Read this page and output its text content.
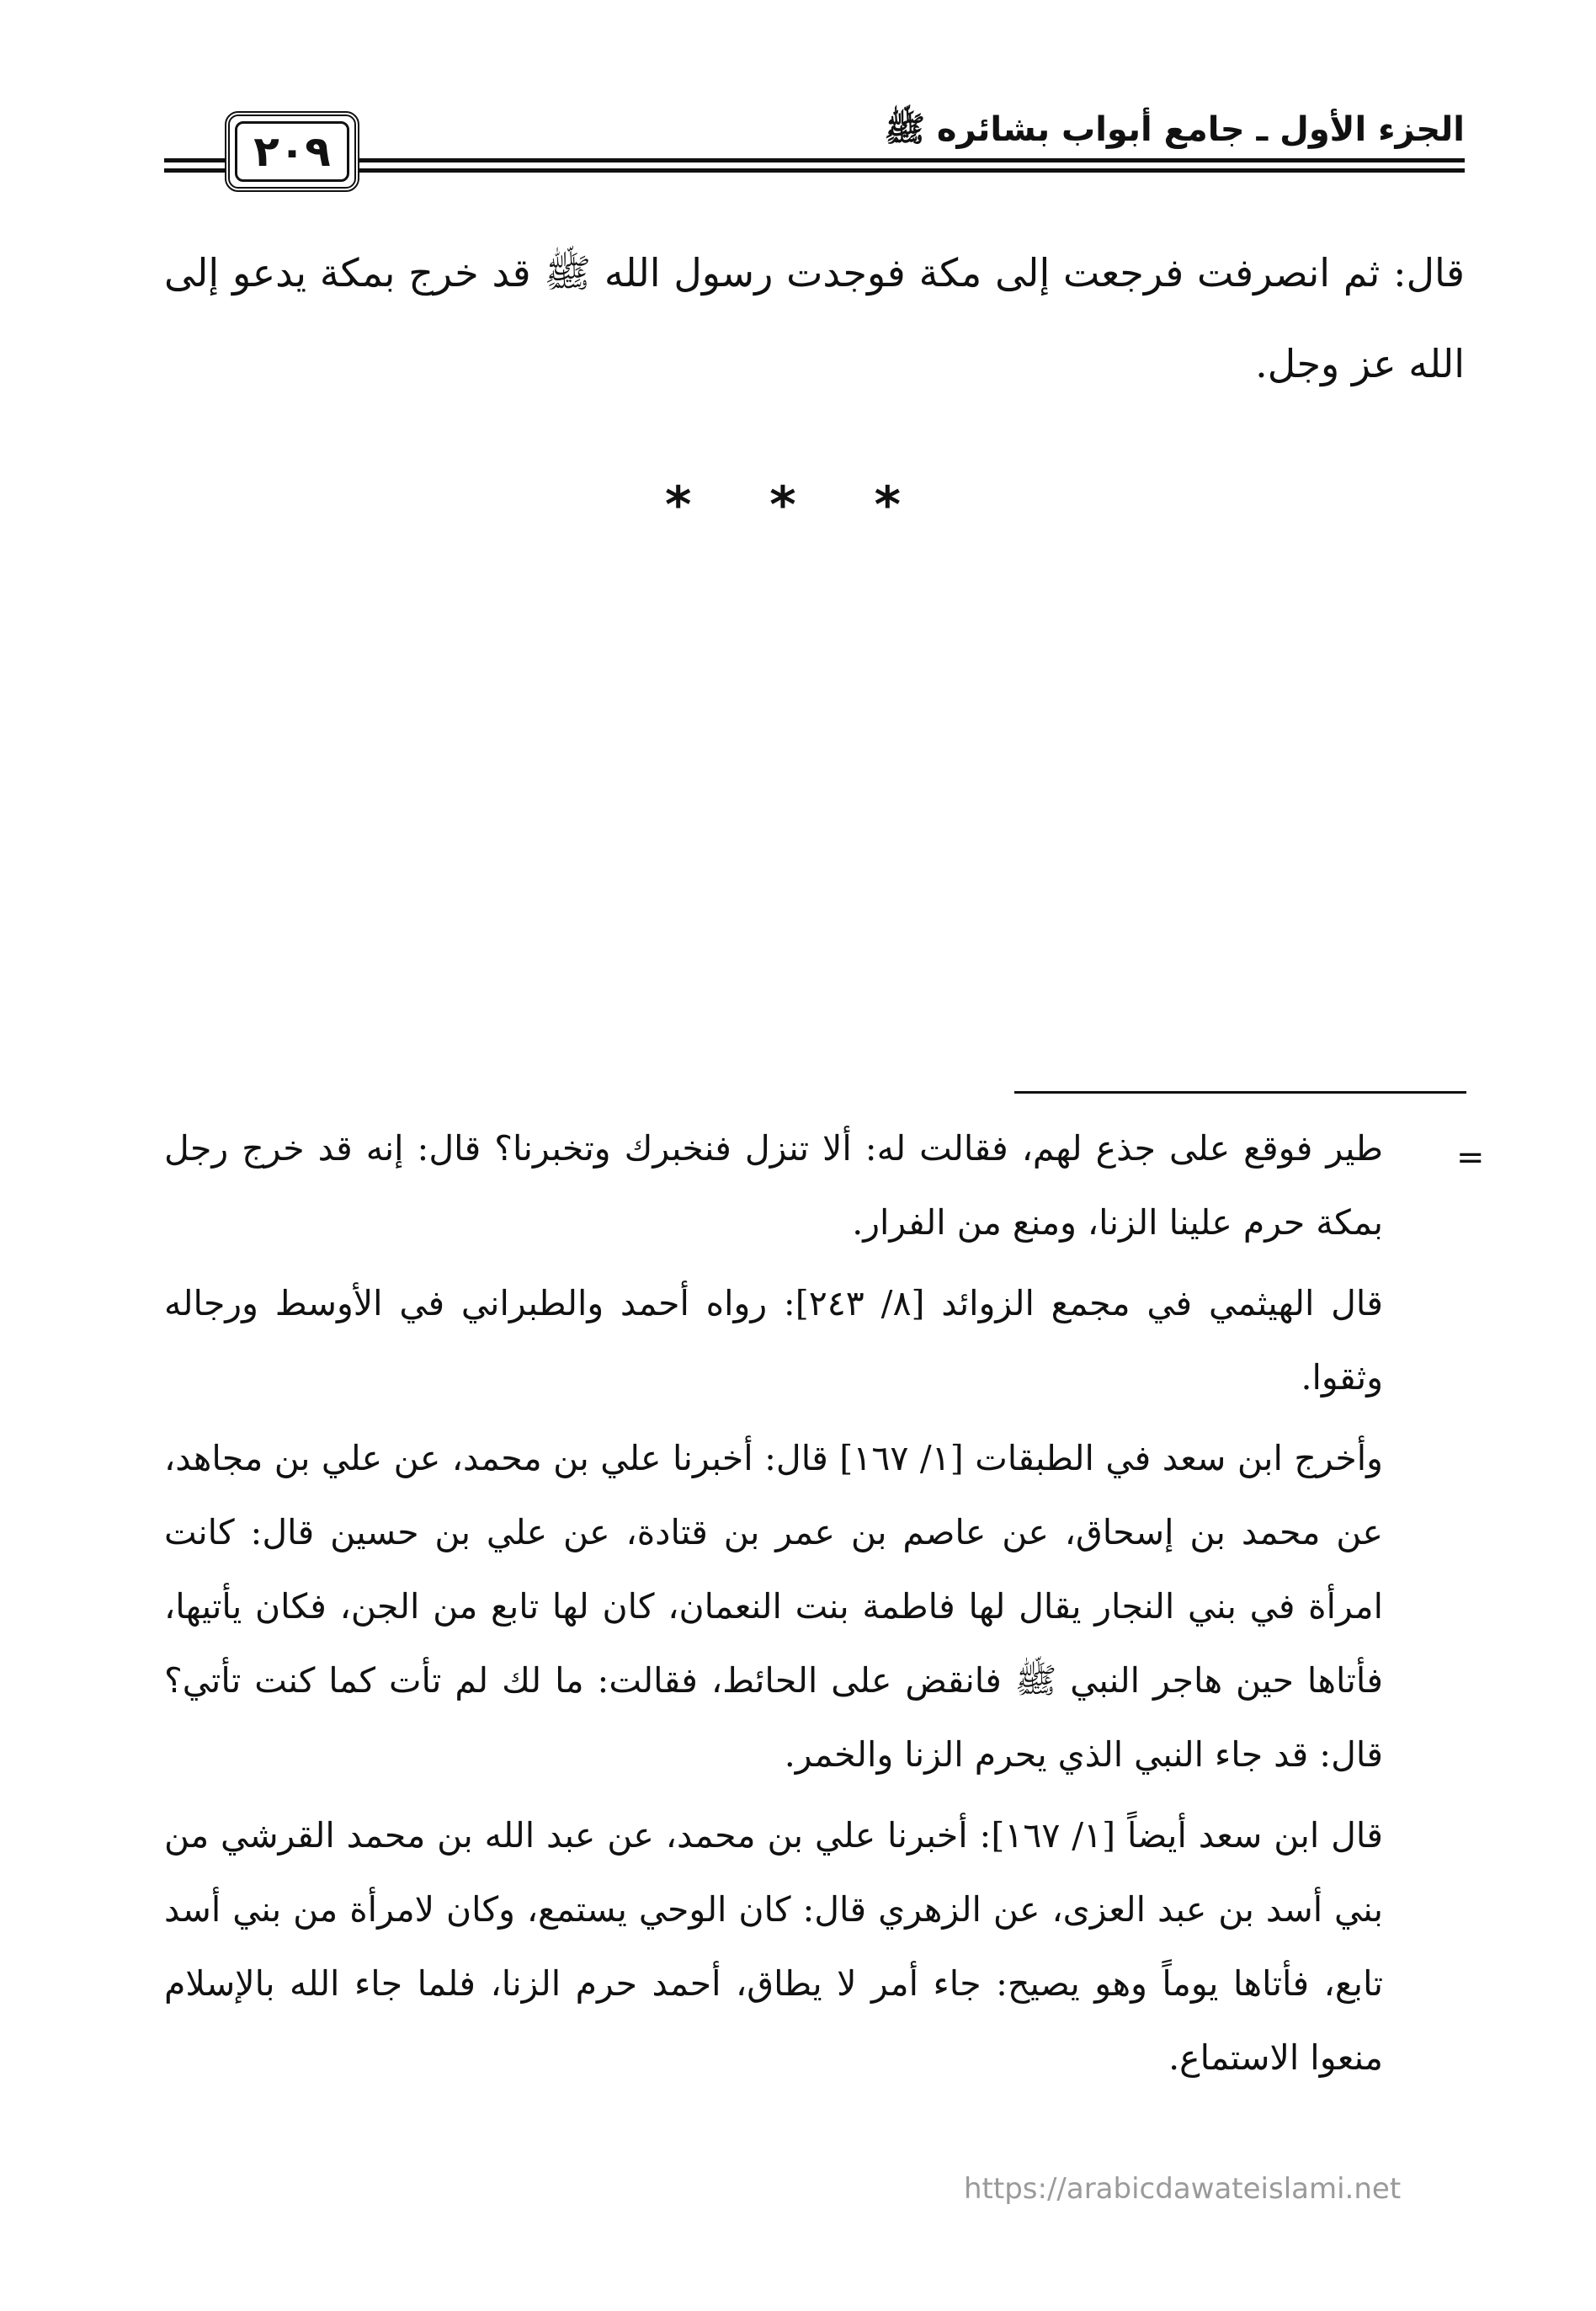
الجزء الأول ـ جامع أبواب بشائره ﷺ
٢٠٩

قال: ثم انصرفت فرجعت إلى مكة فوجدت رسول الله ﷺ قد خرج بمكة يدعو إلى الله عز وجل.

* * *
=

طير فوقع على جذع لهم، فقالت له: ألا تنزل فنخبرك وتخبرنا؟ قال: إنه قد خرج رجل بمكة حرم علينا الزنا، ومنع من الفرار.

قال الهيثمي في مجمع الزوائد [٨/ ٢٤٣]: رواه أحمد والطبراني في الأوسط ورجاله وثقوا.

وأخرج ابن سعد في الطبقات [١/ ١٦٧] قال: أخبرنا علي بن محمد، عن علي بن مجاهد، عن محمد بن إسحاق، عن عاصم بن عمر بن قتادة، عن علي بن حسين قال: كانت امرأة في بني النجار يقال لها فاطمة بنت النعمان، كان لها تابع من الجن، فكان يأتيها، فأتاها حين هاجر النبي ﷺ فانقض على الحائط، فقالت: ما لك لم تأت كما كنت تأتي؟ قال: قد جاء النبي الذي يحرم الزنا والخمر.

قال ابن سعد أيضاً [١/ ١٦٧]: أخبرنا علي بن محمد، عن عبد الله بن محمد القرشي من بني أسد بن عبد العزى، عن الزهري قال: كان الوحي يستمع، وكان لامرأة من بني أسد تابع، فأتاها يوماً وهو يصيح: جاء أمر لا يطاق، أحمد حرم الزنا، فلما جاء الله بالإسلام منعوا الاستماع.

https://arabicdawateislami.net
